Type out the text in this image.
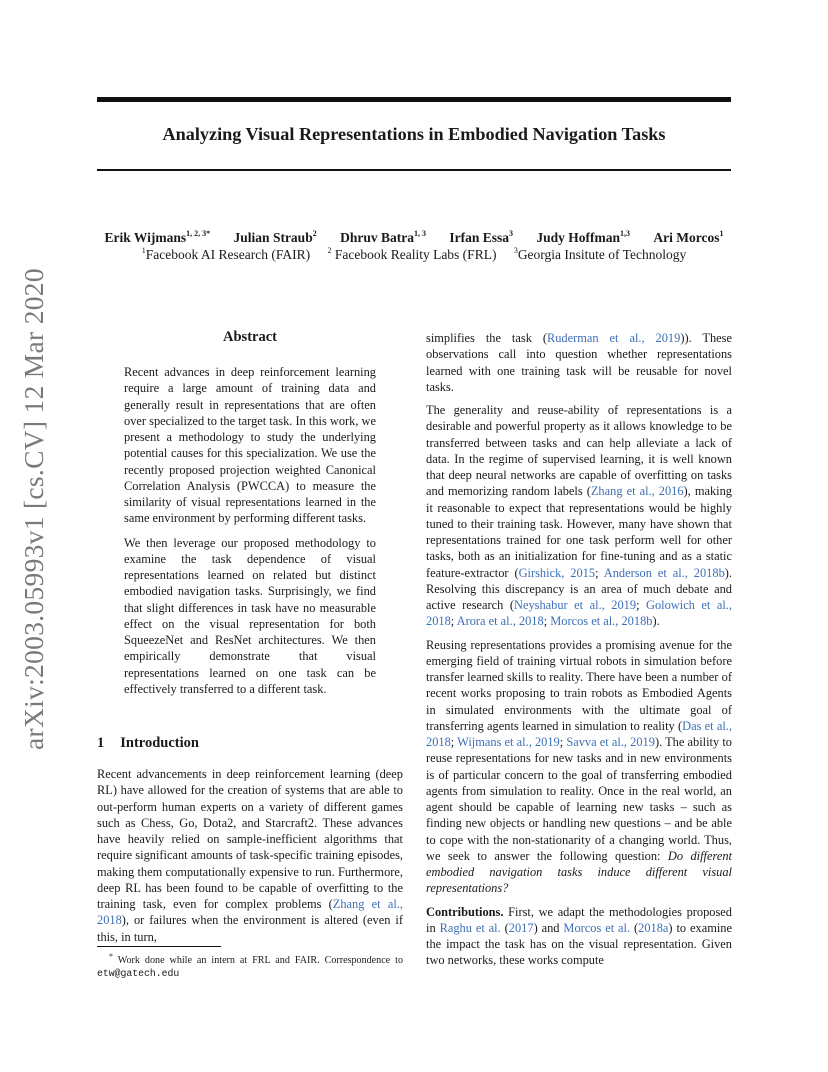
Analyzing Visual Representations in Embodied Navigation Tasks
Erik Wijmans$^{1, 2, 3*}$ Julian Straub$^2$ Dhruv Batra$^{1, 3}$ Irfan Essa$^3$ Judy Hoffman$^{1,3}$ Ari Morcos$^1$
$^1$Facebook AI Research (FAIR) $^2$ Facebook Reality Labs (FRL) $^3$Georgia Insitute of Technology
arXiv:2003.05993v1 [cs.CV] 12 Mar 2020	Abstract

Recent advances in deep reinforcement learning require a large amount of training data and generally result in representations that are often over specialized to the target task. In this work, we present a methodology to study the underlying potential causes for this specialization. We use the recently proposed projection weighted Canonical Correlation Analysis (PWCCA) to measure the similarity of visual representations learned in the same environment by performing different tasks.

We then leverage our proposed methodology to examine the task dependence of visual representations learned on related but distinct embodied navigation tasks. Surprisingly, we find that slight differences in task have no measurable effect on the visual representation for both SqueezeNet and ResNet architectures. We then empirically demonstrate that visual representations learned on one task can be effectively transferred to a different task.

1 Introduction

Recent advancements in deep reinforcement learning (deep RL) have allowed for the creation of systems that are able to out-perform human experts on a variety of different games such as Chess, Go, Dota2, and Starcraft2. These advances have heavily relied on sample-inefficient algorithms that require significant amounts of task-specific training episodes, making them computationally expensive to run. Furthermore, deep RL has been found to be capable of overfitting to the training task, even for complex problems (Zhang et al., 2018), or failures when the environment is altered (even if this, in turn,

* Work done while an intern at FRL and FAIR. Correspondence to etw@gatech.edu

simplifies the task (Ruderman et al., 2019)). These observations call into question whether representations learned with one training task will be reusable for novel tasks.

The generality and reuse-ability of representations is a desirable and powerful property as it allows knowledge to be transferred between tasks and can help alleviate a lack of data. In the regime of supervised learning, it is well known that deep neural networks are capable of overfitting on tasks and memorizing random labels (Zhang et al., 2016), making it reasonable to expect that representations would be highly tuned to their training task. However, many have shown that representations trained for one task perform well for other tasks, both as an initialization for fine-tuning and as a static feature-extractor (Girshick, 2015; Anderson et al., 2018b). Resolving this discrepancy is an area of much debate and active research (Neyshabur et al., 2019; Golowich et al., 2018; Arora et al., 2018; Morcos et al., 2018b).

Reusing representations provides a promising avenue for the emerging field of training virtual robots in simulation before transfer learned skills to reality. There have been a number of recent works proposing to train robots as Embodied Agents in simulated environments with the ultimate goal of transferring agents learned in simulation to reality (Das et al., 2018; Wijmans et al., 2019; Savva et al., 2019). The ability to reuse representations for new tasks and in new environments is of particular concern to the goal of transferring embodied agents from simulation to reality. Once in the real world, an agent should be capable of learning new tasks – such as finding new objects or handling new questions – and be able to cope with the non-stationarity of a changing world. Thus, we seek to answer the following question: Do different embodied navigation tasks induce different visual representations?

Contributions. First, we adapt the methodologies proposed in Raghu et al. (2017) and Morcos et al. (2018a) to examine the impact the task has on the visual representation. Given two networks, these works compute
